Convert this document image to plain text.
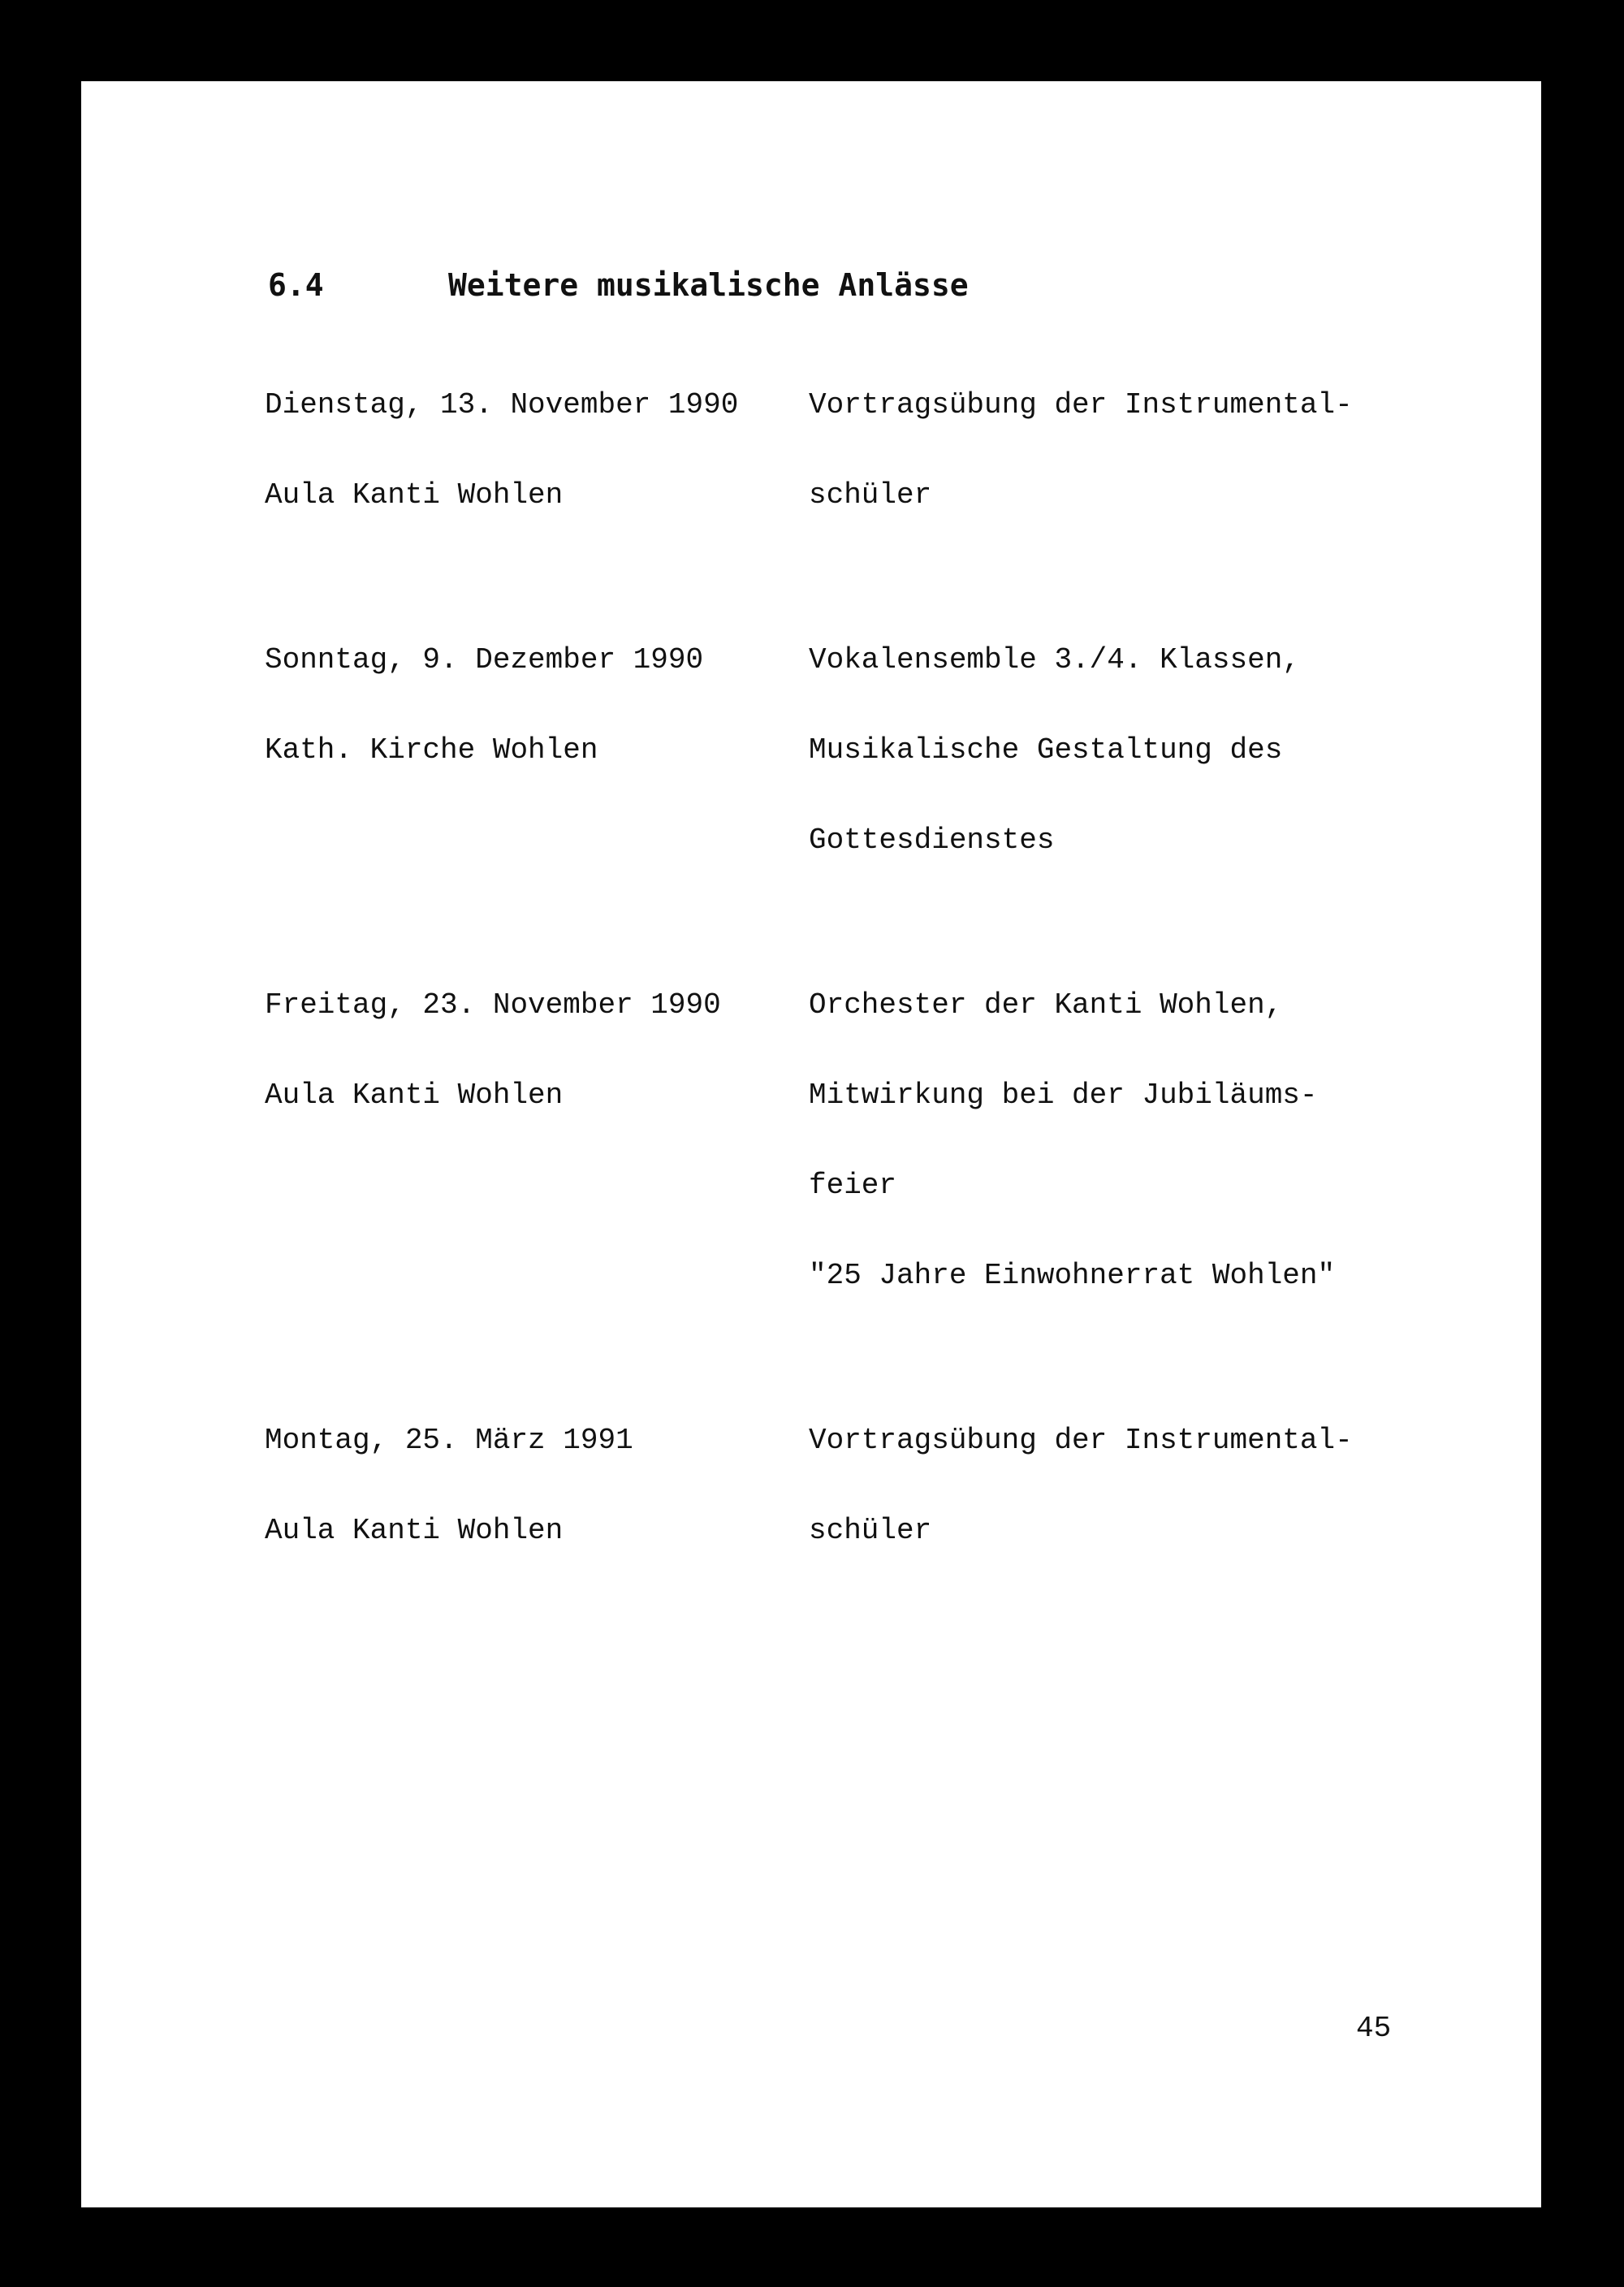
6.4	Weitere musikalische Anlässe

Dienstag, 13. November 1990

Aula Kanti Wohlen

Vortragsübung der Instrumental-

schüler

Sonntag, 9. Dezember 1990

Kath. Kirche Wohlen

Vokalensemble 3./4. Klassen,

Musikalische Gestaltung des

Gottesdienstes

Freitag, 23. November 1990

Aula Kanti Wohlen

Orchester der Kanti Wohlen,

Mitwirkung bei der Jubiläums-

feier

"25 Jahre Einwohnerrat Wohlen"

Montag, 25. März 1991

Aula Kanti Wohlen

Vortragsübung der Instrumental-

schüler

45
